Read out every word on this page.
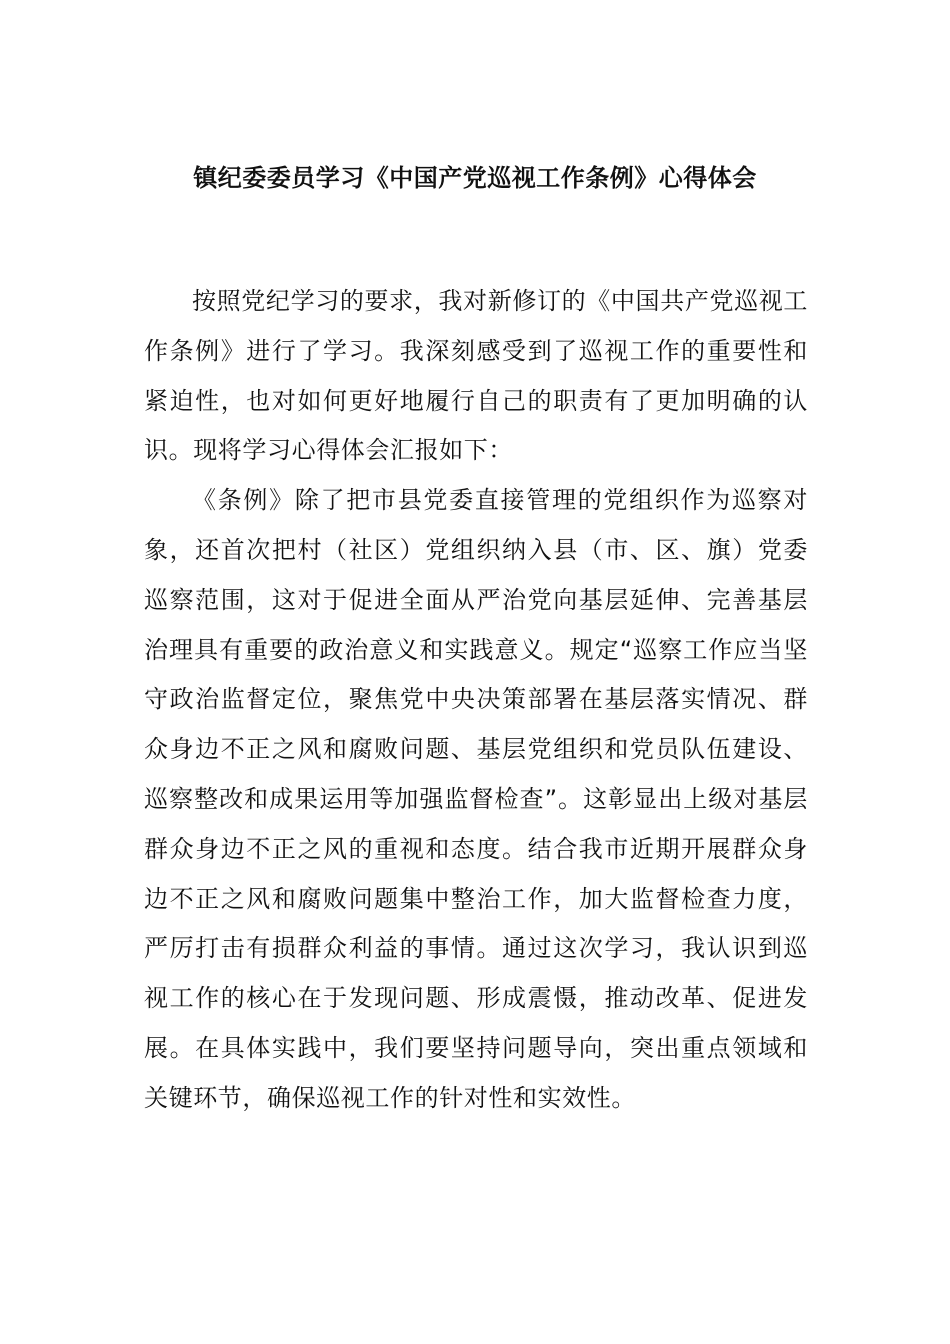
镇纪委委员学习《中国产党巡视工作条例》心得体会

按照党纪学习的要求，我对新修订的《中国共产党巡视工作条例》进行了学习。我深刻感受到了巡视工作的重要性和紧迫性，也对如何更好地履行自己的职责有了更加明确的认识。现将学习心得体会汇报如下：

《条例》除了把市县党委直接管理的党组织作为巡察对象，还首次把村（社区）党组织纳入县（市、区、旗）党委巡察范围，这对于促进全面从严治党向基层延伸、完善基层治理具有重要的政治意义和实践意义。规定“巡察工作应当坚守政治监督定位，聚焦党中央决策部署在基层落实情况、群众身边不正之风和腐败问题、基层党组织和党员队伍建设、巡察整改和成果运用等加强监督检查”。这彰显出上级对基层群众身边不正之风的重视和态度。结合我市近期开展群众身边不正之风和腐败问题集中整治工作，加大监督检查力度，严厉打击有损群众利益的事情。通过这次学习，我认识到巡视工作的核心在于发现问题、形成震慑，推动改革、促进发展。在具体实践中，我们要坚持问题导向，突出重点领域和关键环节，确保巡视工作的针对性和实效性。
